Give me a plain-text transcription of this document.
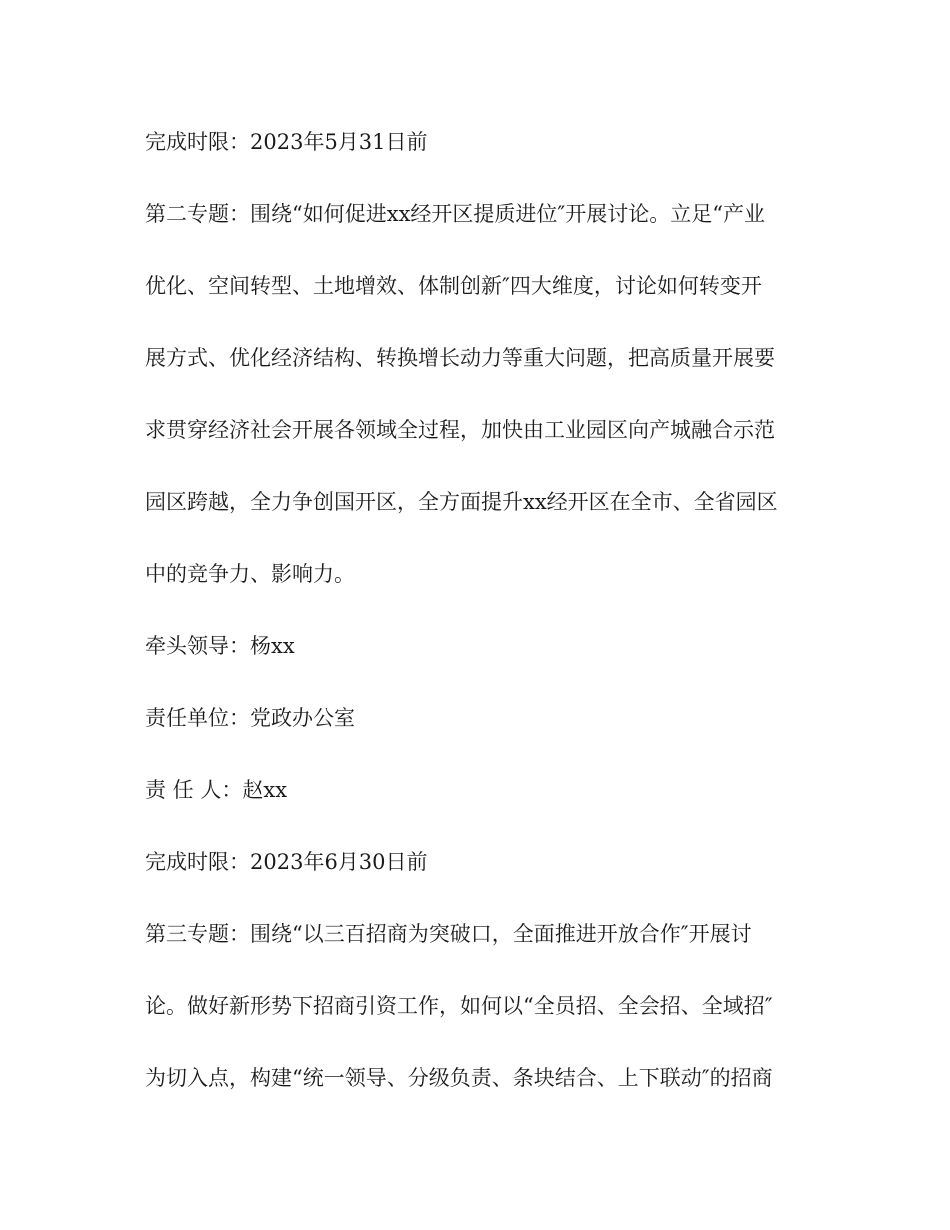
完成时限：2023年5月31日前
第二专题：围绕“如何促进xx经开区提质进位″开展讨论。立足“产业
优化、空间转型、土地增效、体制创新″四大维度，讨论如何转变开
展方式、优化经济结构、转换增长动力等重大问题，把高质量开展要
求贯穿经济社会开展各领域全过程，加快由工业园区向产城融合示范
园区跨越，全力争创国开区，全方面提升xx经开区在全市、全省园区
中的竞争力、影响力。
牵头领导：杨xx
责任单位：党政办公室
责 任 人：赵xx
完成时限：2023年6月30日前
第三专题：围绕“以三百招商为突破口，全面推进开放合作″开展讨
论。做好新形势下招商引资工作，如何以“全员招、全会招、全域招″
为切入点，构建“统一领导、分级负责、条块结合、上下联动″的招商
